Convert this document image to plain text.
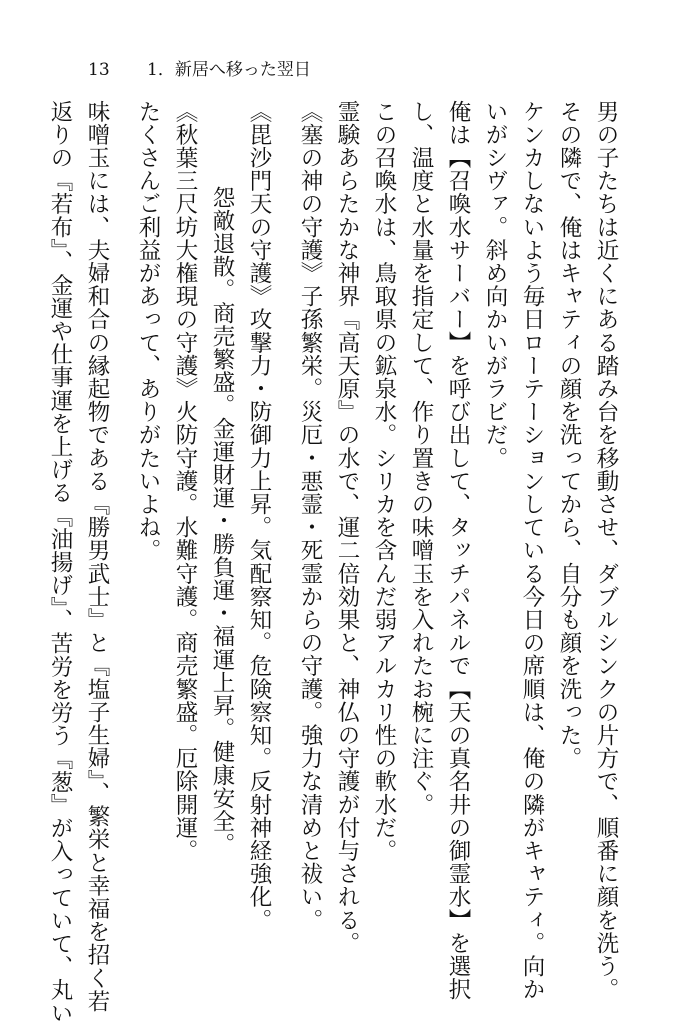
13 1．新居へ移った翌日
男の子たちは近くにある踏み台を移動させ、ダブルシンクの片方で、順番に顔を洗う。
その隣で、俺はキャティの顔を洗ってから、自分も顔を洗った。
ケンカしないよう毎日ローテーションしている今日の席順は、俺の隣がキャティ。向か
いがシヴァ。斜め向かいがラビだ。
俺は【召喚水サーバー】を呼び出して、タッチパネルで【天の真名井の御霊水】を選択
し、温度と水量を指定して、作り置きの味噌玉を入れたお椀に注ぐ。
この召喚水は、鳥取県の鉱泉水。シリカを含んだ弱アルカリ性の軟水だ。
霊験あらたかな神界『高天原』の水で、運二倍効果と、神仏の守護が付与される。
《塞の神の守護》子孫繁栄。災厄・悪霊・死霊からの守護。強力な清めと祓い。
《毘沙門天の守護》攻撃力・防御力上昇。気配察知。危険察知。反射神経強化。
怨敵退散。商売繁盛。金運財運・勝負運・福運上昇。健康安全。
《秋葉三尺坊大権現の守護》火防守護。水難守護。商売繁盛。厄除開運。
たくさんご利益があって、ありがたいよね。
味噌玉には、夫婦和合の縁起物である『勝男武士』と『塩子生婦』、繁栄と幸福を招く若
返りの『若布』、金運や仕事運を上げる『油揚げ』、苦労を労う『葱』が入っていて、丸い
